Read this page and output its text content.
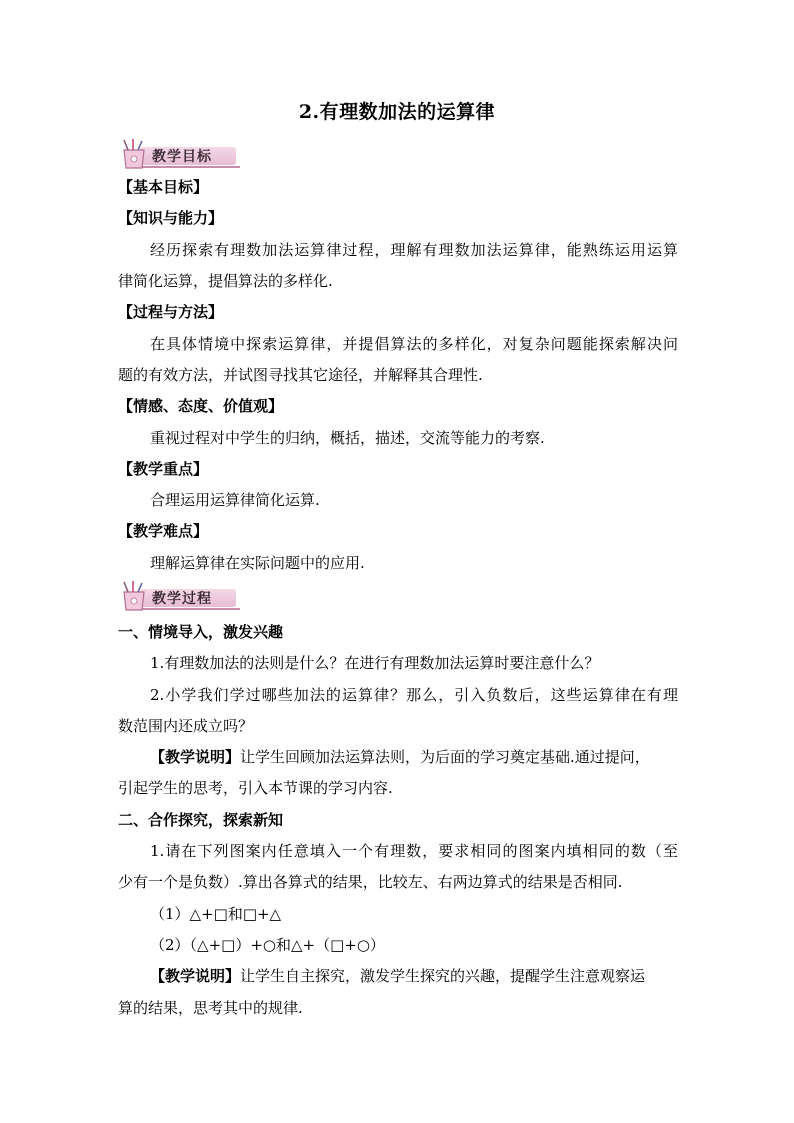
2.有理数加法的运算律
教学目标
教学过程
【基本目标】
【知识与能力】
经历探索有理数加法运算律过程，理解有理数加法运算律，能熟练运用运算
律简化运算，提倡算法的多样化.
【过程与方法】
在具体情境中探索运算律，并提倡算法的多样化，对复杂问题能探索解决问
题的有效方法，并试图寻找其它途径，并解释其合理性.
【情感、态度、价值观】
重视过程对中学生的归纳，概括，描述，交流等能力的考察.
【教学重点】
合理运用运算律简化运算.
【教学难点】
理解运算律在实际问题中的应用.
一、情境导入，激发兴趣
1.有理数加法的法则是什么？在进行有理数加法运算时要注意什么？
2.小学我们学过哪些加法的运算律？那么，引入负数后，这些运算律在有理
数范围内还成立吗？
【教学说明】让学生回顾加法运算法则，为后面的学习奠定基础.通过提问，
引起学生的思考，引入本节课的学习内容.
二、合作探究，探索新知
1.请在下列图案内任意填入一个有理数，要求相同的图案内填相同的数（至
少有一个是负数）.算出各算式的结果，比较左、右两边算式的结果是否相同.
（1）△+□和□+△
（2）（△+□）+○和△+（□+○）
【教学说明】让学生自主探究，激发学生探究的兴趣，提醒学生注意观察运
算的结果，思考其中的规律.
